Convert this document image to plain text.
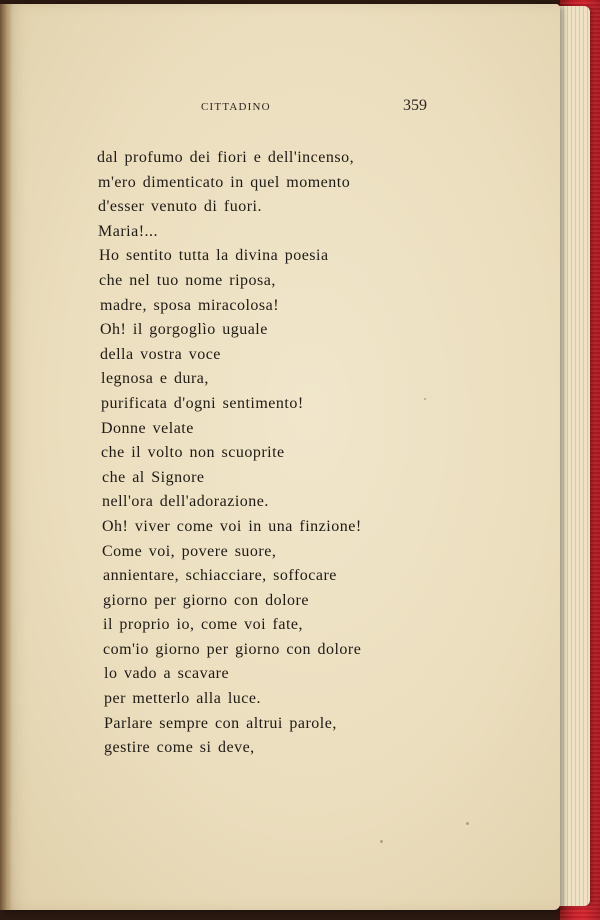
CITTADINO	359
dal profumo dei fiori e dell'incenso,
m'ero dimenticato in quel momento
d'esser venuto di fuori.
Maria!...
Ho sentito tutta la divina poesia
che nel tuo nome riposa,
madre, sposa miracolosa!
Oh! il gorgoglìo uguale
della vostra voce
legnosa e dura,
purificata d'ogni sentimento!
Donne velate
che il volto non scuoprite
che al Signore
nell'ora dell'adorazione.
Oh! viver come voi in una finzione!
Come voi, povere suore,
annientare, schiacciare, soffocare
giorno per giorno con dolore
il proprio io, come voi fate,
com'io giorno per giorno con dolore
lo vado a scavare
per metterlo alla luce.
Parlare sempre con altrui parole,
gestire come si deve,
